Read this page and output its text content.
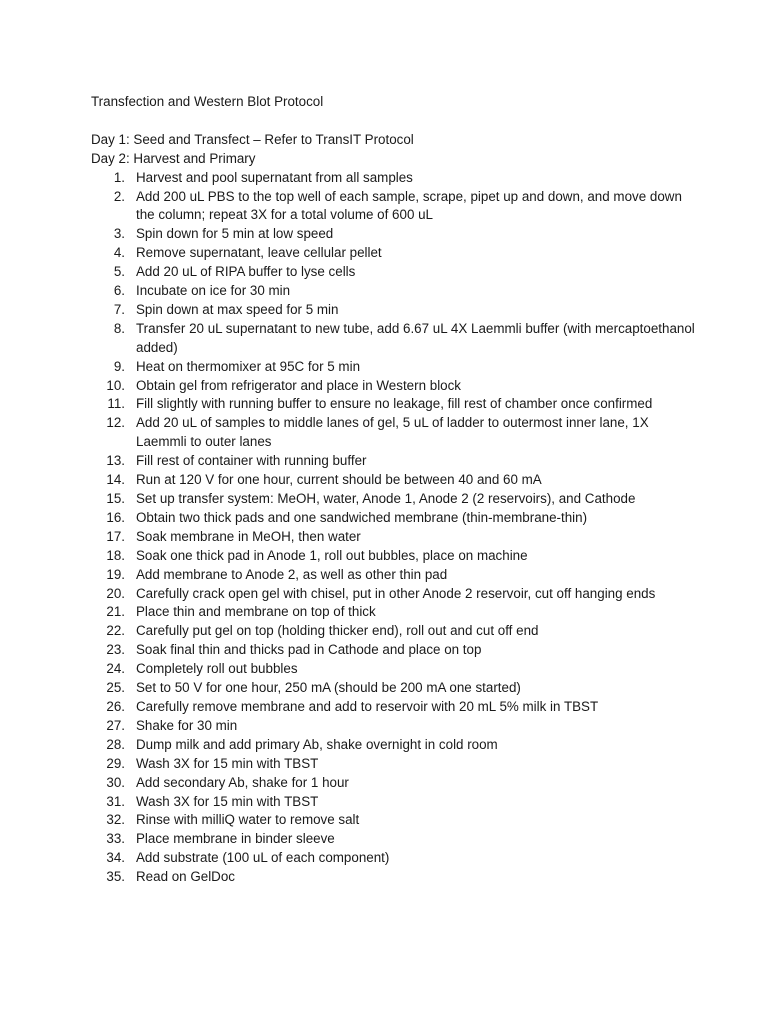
Transfection and Western Blot Protocol

Day 1: Seed and Transfect – Refer to TransIT Protocol

Day 2: Harvest and Primary

1. Harvest and pool supernatant from all samples
2. Add 200 uL PBS to the top well of each sample, scrape, pipet up and down, and move down the column; repeat 3X for a total volume of 600 uL
3. Spin down for 5 min at low speed
4. Remove supernatant, leave cellular pellet
5. Add 20 uL of RIPA buffer to lyse cells
6. Incubate on ice for 30 min
7. Spin down at max speed for 5 min
8. Transfer 20 uL supernatant to new tube, add 6.67 uL 4X Laemmli buffer (with mercaptoethanol added)
9. Heat on thermomixer at 95C for 5 min
10. Obtain gel from refrigerator and place in Western block
11. Fill slightly with running buffer to ensure no leakage, fill rest of chamber once confirmed
12. Add 20 uL of samples to middle lanes of gel, 5 uL of ladder to outermost inner lane, 1X Laemmli to outer lanes
13. Fill rest of container with running buffer
14. Run at 120 V for one hour, current should be between 40 and 60 mA
15. Set up transfer system: MeOH, water, Anode 1, Anode 2 (2 reservoirs), and Cathode
16. Obtain two thick pads and one sandwiched membrane (thin-membrane-thin)
17. Soak membrane in MeOH, then water
18. Soak one thick pad in Anode 1, roll out bubbles, place on machine
19. Add membrane to Anode 2, as well as other thin pad
20. Carefully crack open gel with chisel, put in other Anode 2 reservoir, cut off hanging ends
21. Place thin and membrane on top of thick
22. Carefully put gel on top (holding thicker end), roll out and cut off end
23. Soak final thin and thicks pad in Cathode and place on top
24. Completely roll out bubbles
25. Set to 50 V for one hour, 250 mA (should be 200 mA one started)
26. Carefully remove membrane and add to reservoir with 20 mL 5% milk in TBST
27. Shake for 30 min
28. Dump milk and add primary Ab, shake overnight in cold room
29. Wash 3X for 15 min with TBST
30. Add secondary Ab, shake for 1 hour
31. Wash 3X for 15 min with TBST
32. Rinse with milliQ water to remove salt
33. Place membrane in binder sleeve
34. Add substrate (100 uL of each component)
35. Read on GelDoc
